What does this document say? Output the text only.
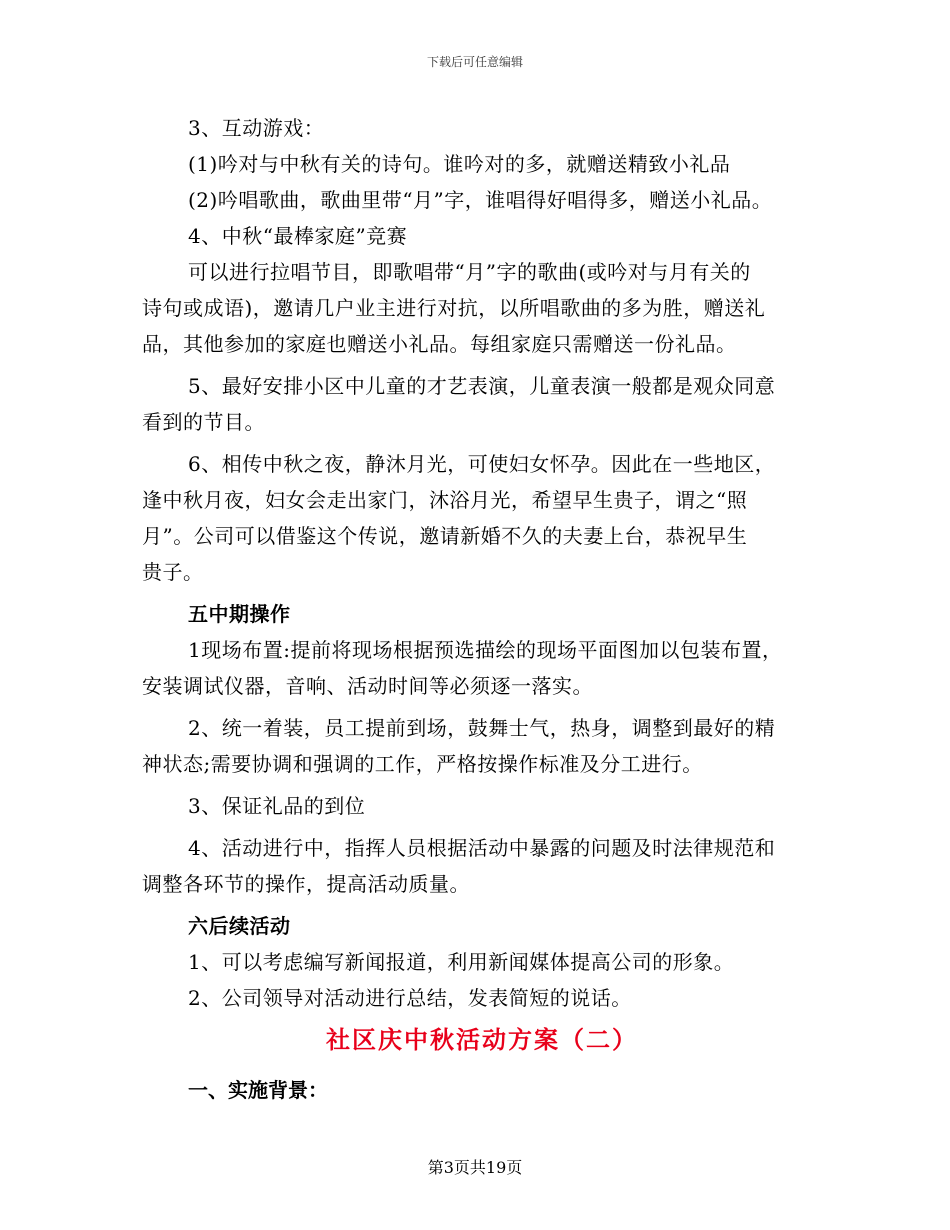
下载后可任意编辑
3、互动游戏：
(1)吟对与中秋有关的诗句。谁吟对的多，就赠送精致小礼品
(2)吟唱歌曲，歌曲里带“月”字，谁唱得好唱得多，赠送小礼品。
4、中秋“最棒家庭”竞赛
可以进行拉唱节目，即歌唱带“月”字的歌曲(或吟对与月有关的
诗句或成语)，邀请几户业主进行对抗，以所唱歌曲的多为胜，赠送礼
品，其他参加的家庭也赠送小礼品。每组家庭只需赠送一份礼品。
5、最好安排小区中儿童的才艺表演，儿童表演一般都是观众同意
看到的节目。
6、相传中秋之夜，静沐月光，可使妇女怀孕。因此在一些地区，
逢中秋月夜，妇女会走出家门，沐浴月光，希望早生贵子，谓之“照
月”。公司可以借鉴这个传说，邀请新婚不久的夫妻上台，恭祝早生
贵子。
五中期操作
1现场布置:提前将现场根据预选描绘的现场平面图加以包装布置，
安装调试仪器，音响、活动时间等必须逐一落实。
2、统一着装，员工提前到场，鼓舞士气，热身，调整到最好的精
神状态;需要协调和强调的工作，严格按操作标准及分工进行。
3、保证礼品的到位
4、活动进行中，指挥人员根据活动中暴露的问题及时法律规范和
调整各环节的操作，提高活动质量。
六后续活动
1、可以考虑编写新闻报道，利用新闻媒体提高公司的形象。
2、公司领导对活动进行总结，发表简短的说话。
社区庆中秋活动方案（二）
一、实施背景：
第3页共19页
